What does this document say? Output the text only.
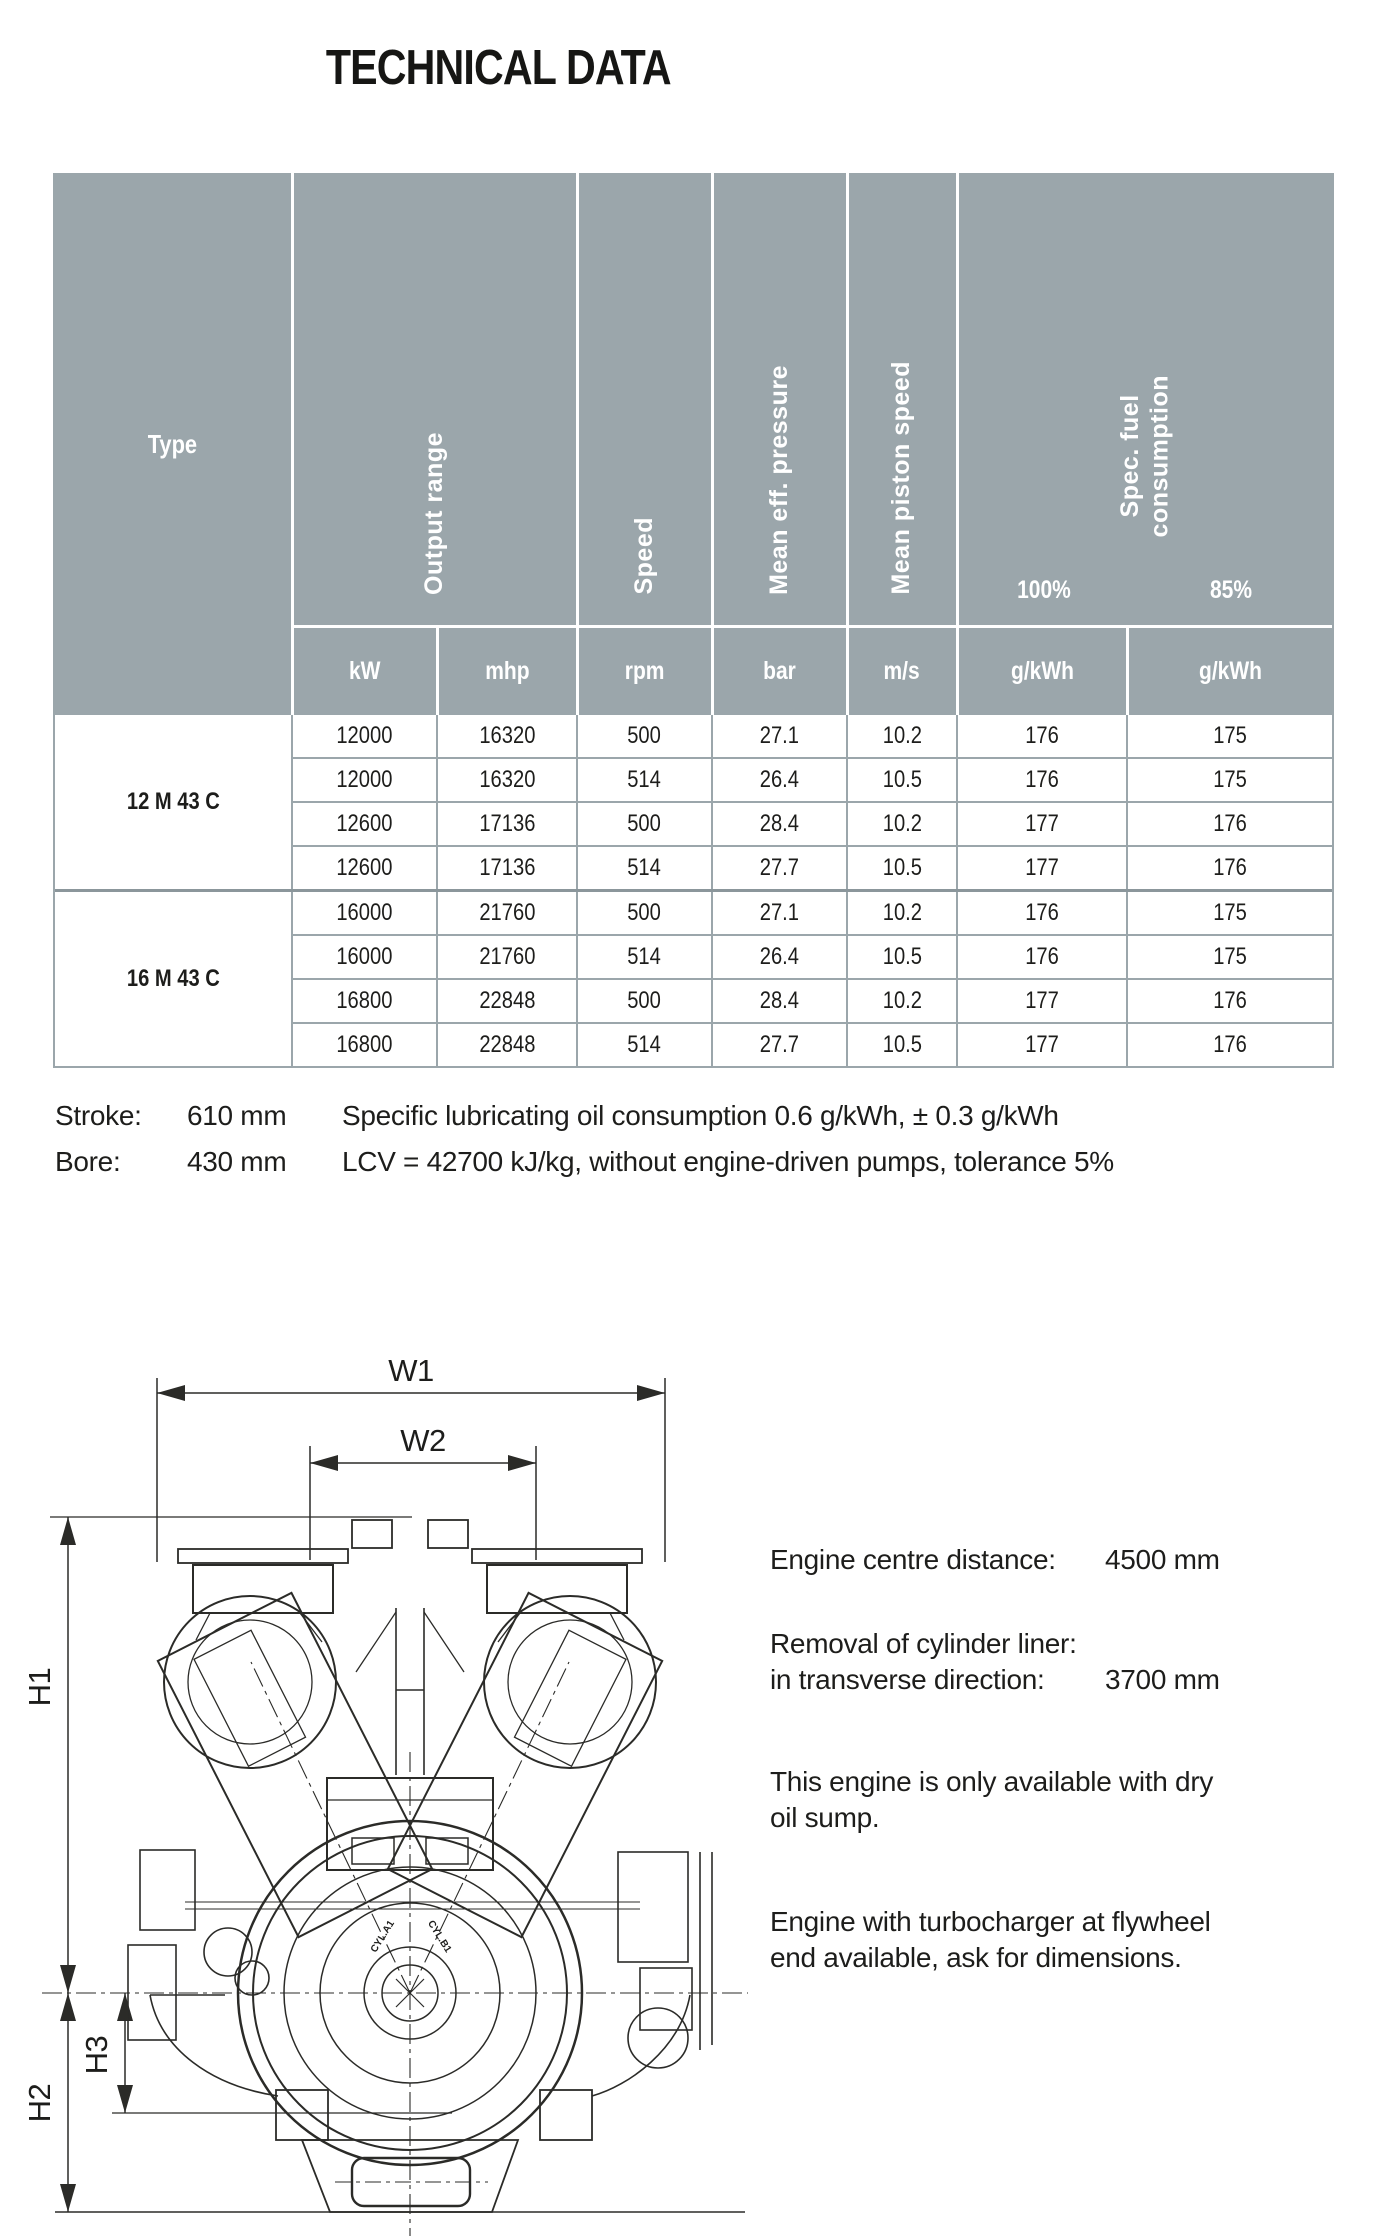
TECHNICAL DATA
Type	Output range		Speed	Mean eff. pressure	Mean piston speed	Spec. fuel consumption
100% 85%	

	kW	mhp	rpm	bar	m/s	g/kWh	g/kWh
12 M 43 C	12000	16320	500	27.1	10.2	176	175
	12000	16320	514	26.4	10.5	176	175
	12600	17136	500	28.4	10.2	177	176
	12600	17136	514	27.7	10.5	177	176
16 M 43 C	16000	21760	500	27.1	10.2	176	175
	16000	21760	514	26.4	10.5	176	175
	16800	22848	500	28.4	10.2	177	176
	16800	22848	514	27.7	10.5	177	176
Stroke: 610 mm Specific lubricating oil consumption 0.6 g/kWh, ± 0.3 g/kWh
Bore: 430 mm LCV = 42700 kJ/kg, without engine-driven pumps, tolerance 5%
Engine centre distance: 4500 mm
Removal of cylinder liner:
in transverse direction: 3700 mm
This engine is only available with dry
oil sump.
Engine with turbocharger at flywheel
end available, ask for dimensions.
W1
W2
H1
H2
H3
CYL.A1	CYL.B1
